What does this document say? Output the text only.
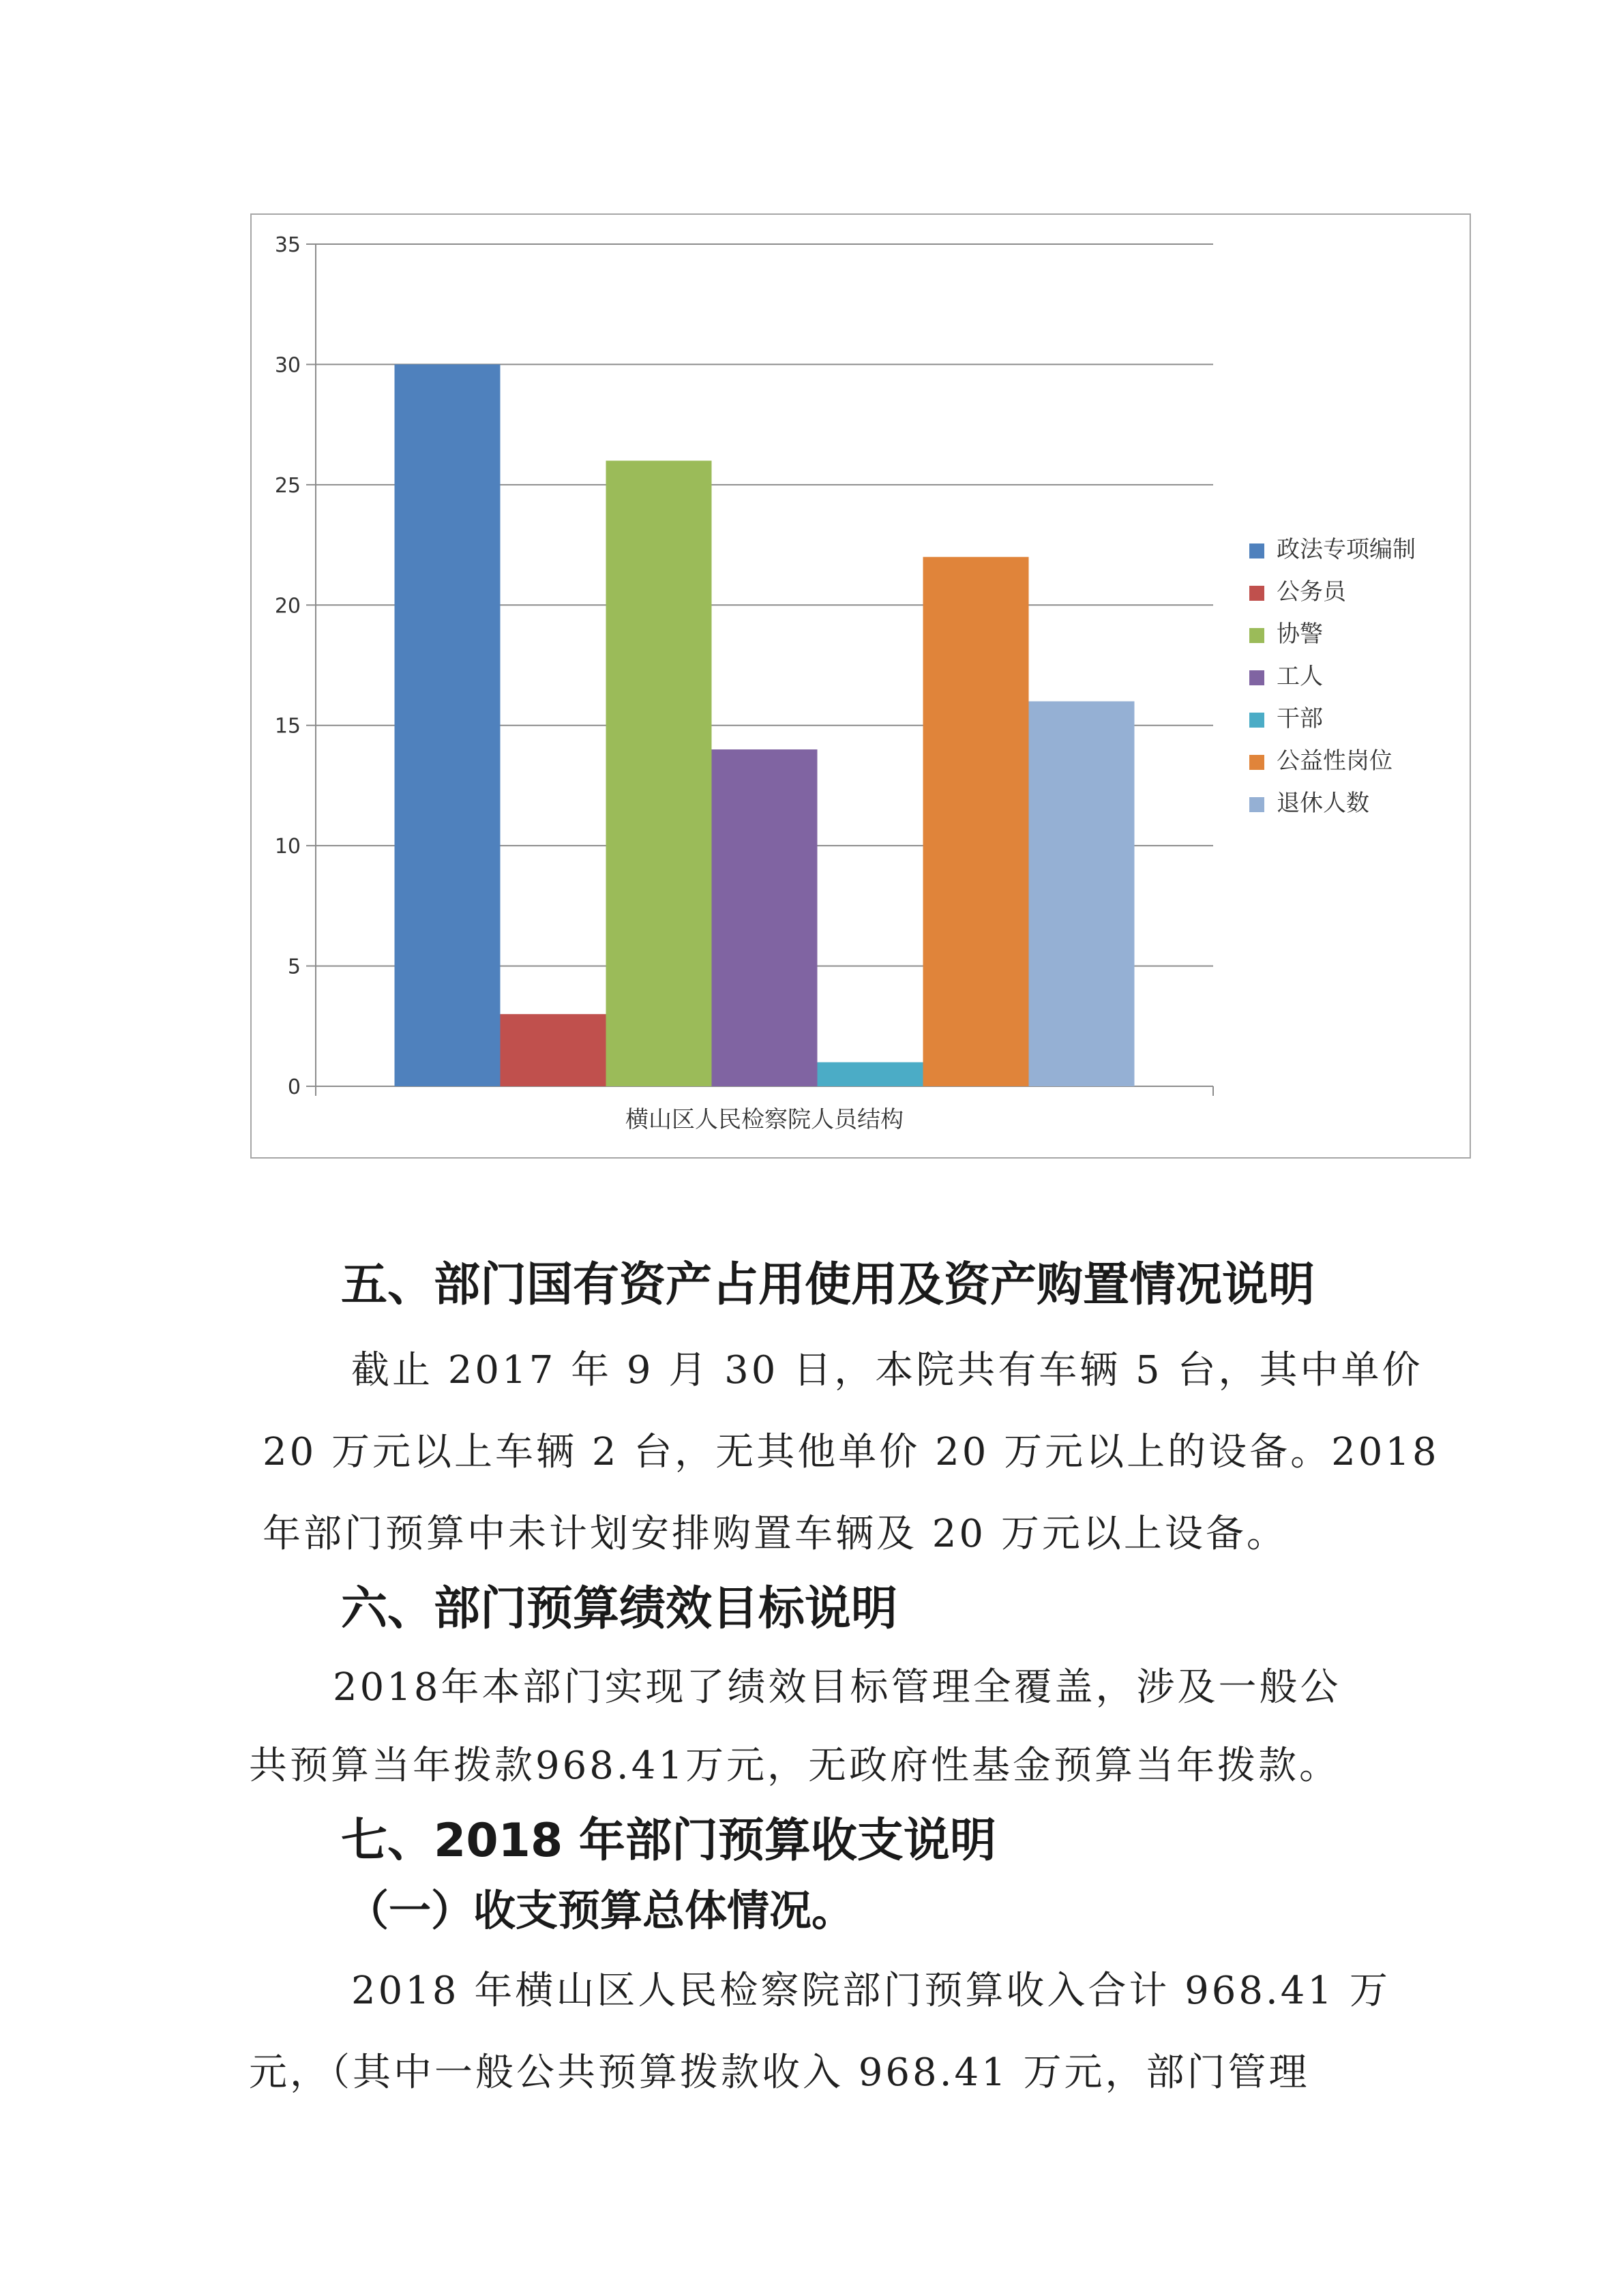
0
5
10
15
20
25
30
35
横山区人民检察院人员结构
政法专项编制
公务员
协警
工人
干部
公益性岗位
退休人数
五、部门国有资产占用使用及资产购置情况说明
截止 2017 年 9 月 30 日，本院共有车辆 5 台，其中单价
20 万元以上车辆 2 台，无其他单价 20 万元以上的设备。2018
年部门预算中未计划安排购置车辆及 20 万元以上设备。
六、部门预算绩效目标说明
2018年本部门实现了绩效目标管理全覆盖，涉及一般公
共预算当年拨款968.41万元，无政府性基金预算当年拨款。
七、2018 年部门预算收支说明
（一）收支预算总体情况。
2018 年横山区人民检察院部门预算收入合计 968.41 万
元，（其中一般公共预算拨款收入 968.41 万元，部门管理
